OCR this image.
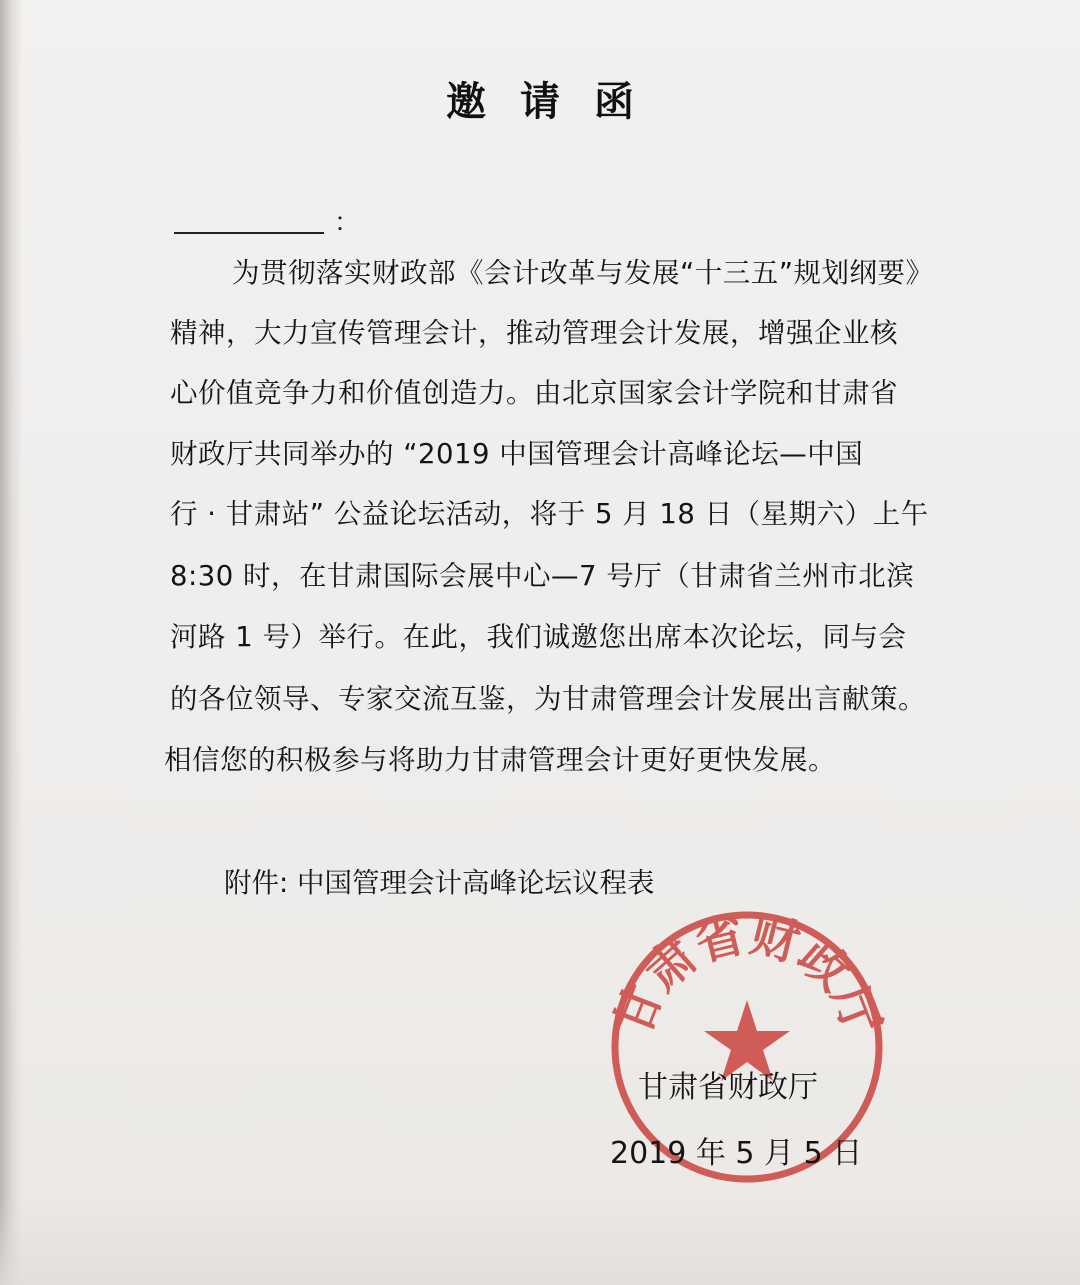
邀请函
：
为贯彻落实财政部《会计改革与发展“十三五”规划纲要》
精神，大力宣传管理会计，推动管理会计发展，增强企业核
心价值竞争力和价值创造力。由北京国家会计学院和甘肃省
财政厅共同举办的 “2019 中国管理会计高峰论坛—中国
行 · 甘肃站” 公益论坛活动，将于 5 月 18 日（星期六）上午
8:30 时，在甘肃国际会展中心—7 号厅（甘肃省兰州市北滨
河路 1 号）举行。在此，我们诚邀您出席本次论坛，同与会
的各位领导、专家交流互鉴，为甘肃管理会计发展出言献策。
相信您的积极参与将助力甘肃管理会计更好更快发展。
附件: 中国管理会计高峰论坛议程表
甘肃省财政厅
甘肃省财政厅
2019 年 5 月 5 日
